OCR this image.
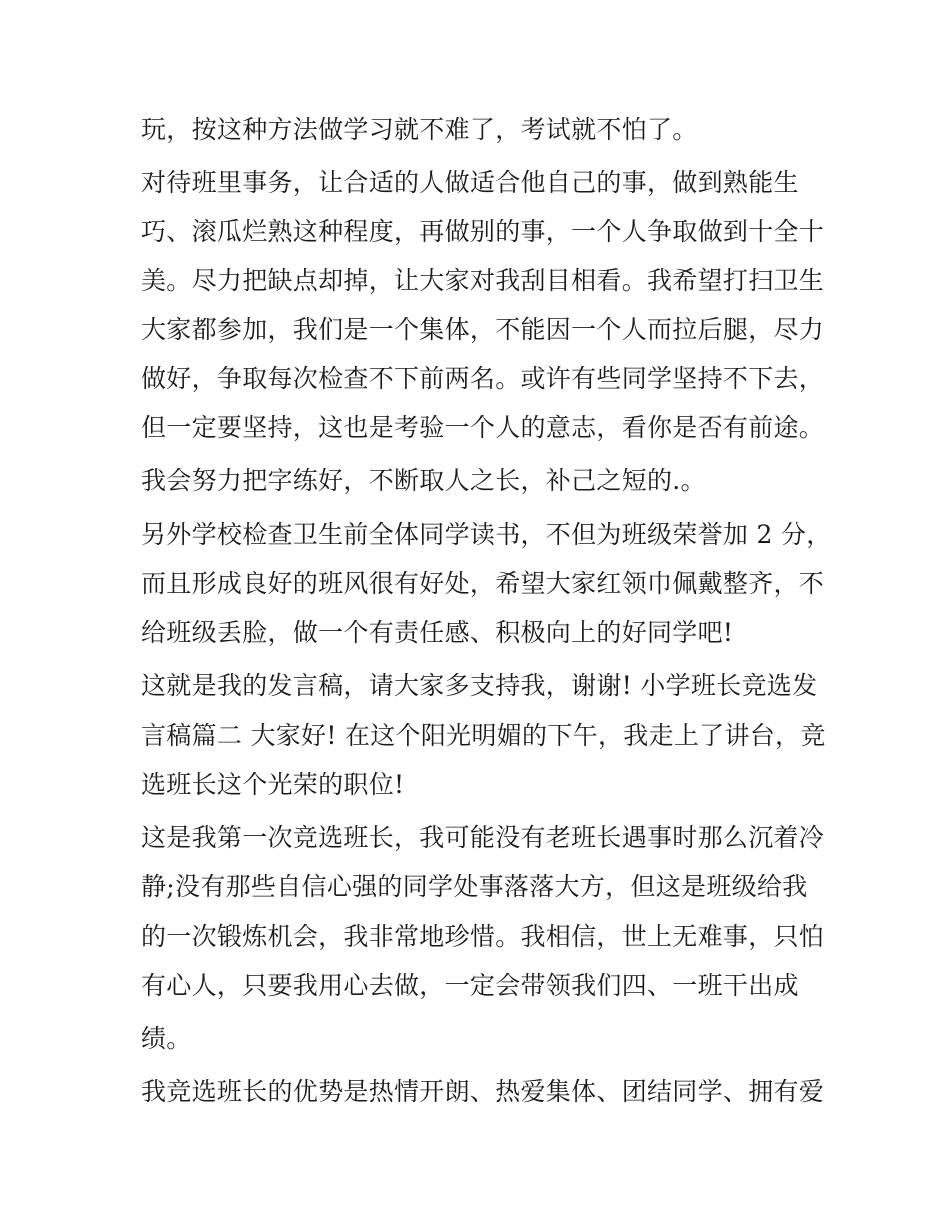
玩，按这种方法做学习就不难了，考试就不怕了。

对待班里事务，让合适的人做适合他自己的事，做到熟能生

巧、滚瓜烂熟这种程度，再做别的事，一个人争取做到十全十

美。尽力把缺点却掉，让大家对我刮目相看。我希望打扫卫生

大家都参加，我们是一个集体，不能因一个人而拉后腿，尽力

做好，争取每次检查不下前两名。或许有些同学坚持不下去，

但一定要坚持，这也是考验一个人的意志，看你是否有前途。

我会努力把字练好，不断取人之长，补己之短的.。

另外学校检查卫生前全体同学读书，不但为班级荣誉加 2 分，

而且形成良好的班风很有好处，希望大家红领巾佩戴整齐，不

给班级丢脸，做一个有责任感、积极向上的好同学吧!

这就是我的发言稿，请大家多支持我，谢谢! 小学班长竞选发

言稿篇二 大家好! 在这个阳光明媚的下午，我走上了讲台，竞

选班长这个光荣的职位!

这是我第一次竞选班长，我可能没有老班长遇事时那么沉着冷

静;没有那些自信心强的同学处事落落大方，但这是班级给我

的一次锻炼机会，我非常地珍惜。我相信，世上无难事，只怕

有心人，只要我用心去做，一定会带领我们四、一班干出成

绩。

我竞选班长的优势是热情开朗、热爱集体、团结同学、拥有爱
